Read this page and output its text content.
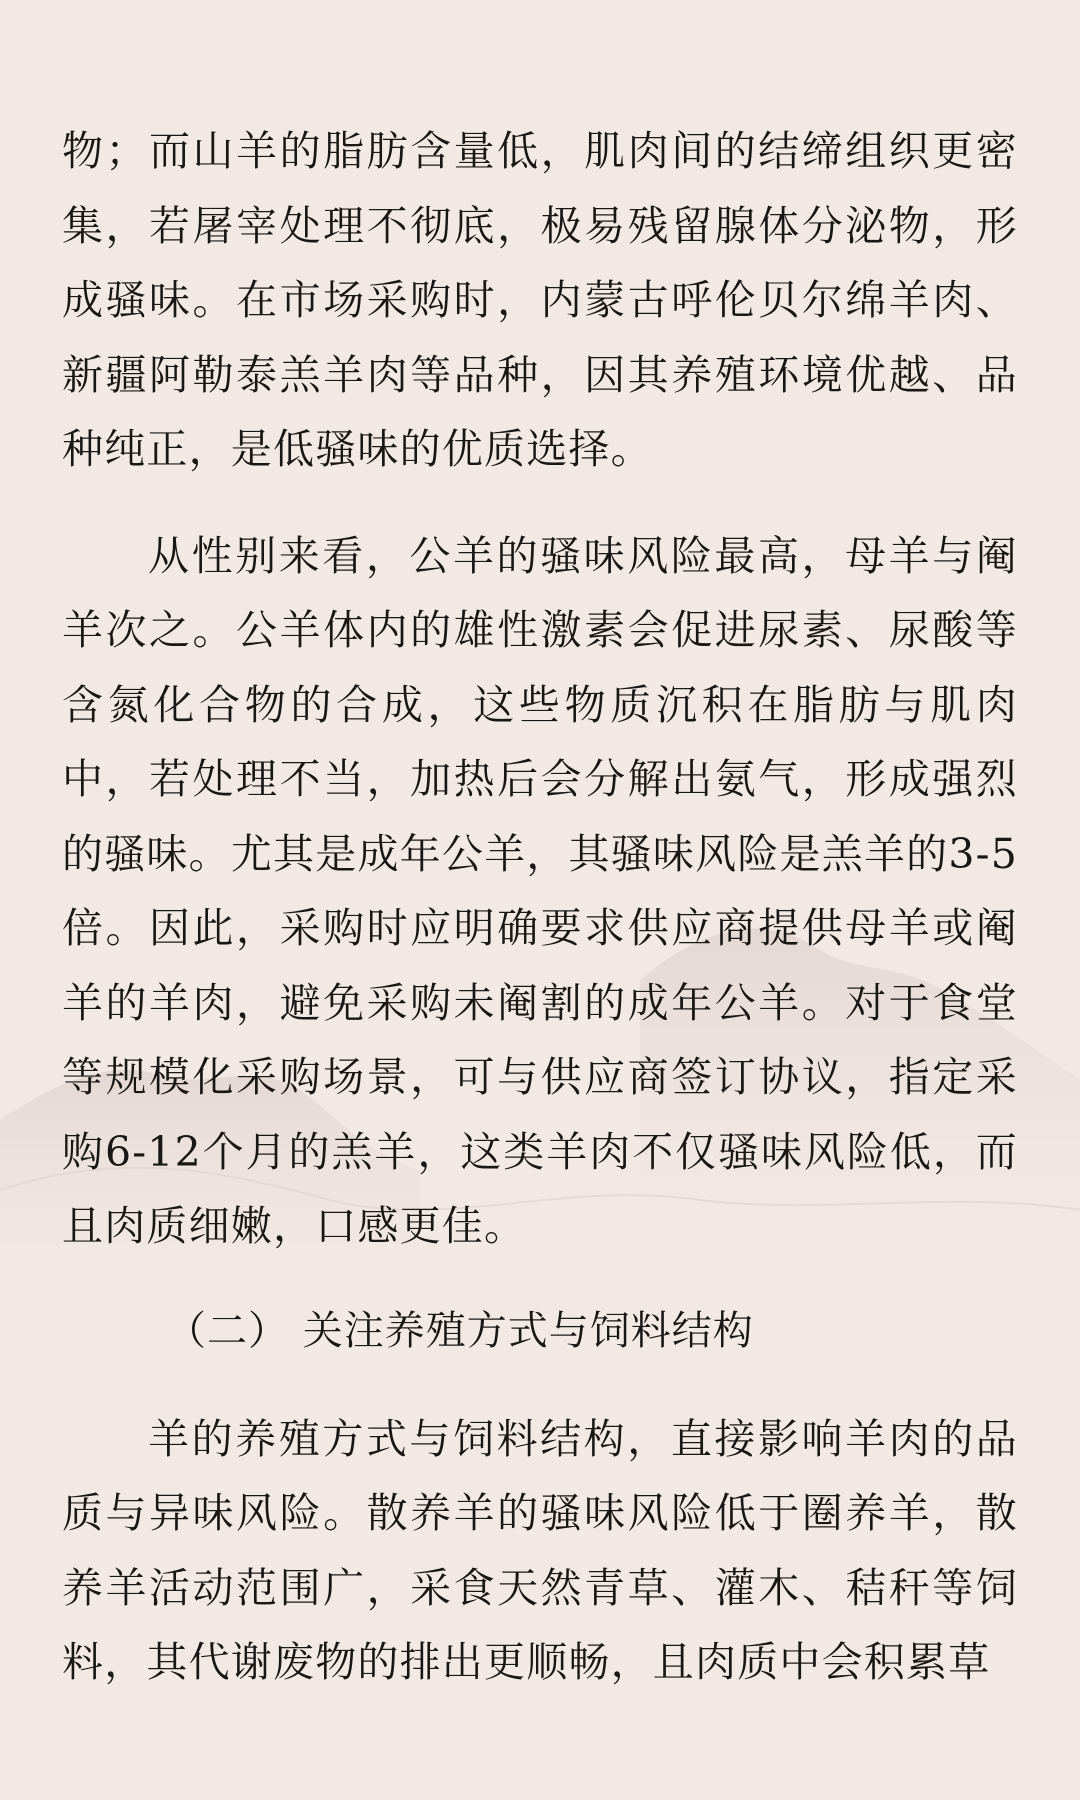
物；而山羊的脂肪含量低，肌肉间的结缔组织更密集，若屠宰处理不彻底，极易残留腺体分泌物，形成骚味。在市场采购时，内蒙古呼伦贝尔绵羊肉、新疆阿勒泰羔羊肉等品种，因其养殖环境优越、品种纯正，是低骚味的优质选择。

从性别来看，公羊的骚味风险最高，母羊与阉羊次之。公羊体内的雄性激素会促进尿素、尿酸等含氮化合物的合成，这些物质沉积在脂肪与肌肉中，若处理不当，加热后会分解出氨气，形成强烈的骚味。尤其是成年公羊，其骚味风险是羔羊的3-5倍。因此，采购时应明确要求供应商提供母羊或阉羊的羊肉，避免采购未阉割的成年公羊。对于食堂等规模化采购场景，可与供应商签订协议，指定采购6-12个月的羔羊，这类羊肉不仅骚味风险低，而且肉质细嫩，口感更佳。

（二） 关注养殖方式与饲料结构

羊的养殖方式与饲料结构，直接影响羊肉的品质与异味风险。散养羊的骚味风险低于圈养羊，散养羊活动范围广，采食天然青草、灌木、秸秆等饲料，其代谢废物的排出更顺畅，且肉质中会积累草
